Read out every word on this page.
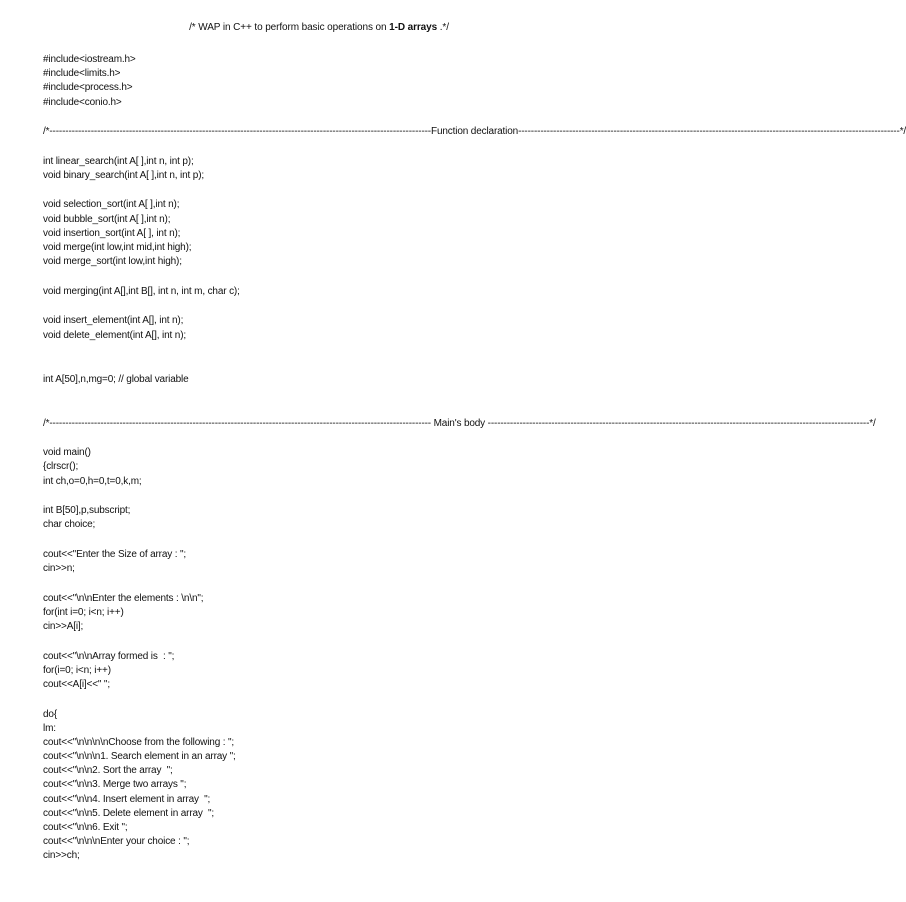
/* WAP in C++ to perform basic operations on 1-D arrays .*/
#include<iostream.h>
#include<limits.h>
#include<process.h>
#include<conio.h>
/* ------------------------------------------------------------------------------------------------------------------------ Function declaration ------------------------------------------------------------------------------------------------------------------------ */
int linear_search(int A[ ],int n, int p);
void binary_search(int A[ ],int n, int p);
void selection_sort(int A[ ],int n);
void bubble_sort(int A[ ],int n);
void insertion_sort(int A[ ], int n);
void merge(int low,int mid,int high);
void merge_sort(int low,int high);
void merging(int A[],int B[], int n, int m, char c);
void insert_element(int A[], int n);
void delete_element(int A[], int n);
int A[50],n,mg=0; // global variable
/* ------------------------------------------------------------------------------------------------------------------------ Main's body ------------------------------------------------------------------------------------------------------------------------ */
void main()
{clrscr();
int ch,o=0,h=0,t=0,k,m;
int B[50],p,subscript;
char choice;
cout<<"Enter the Size of array : ";
cin>>n;
cout<<"\n\nEnter the elements : \n\n";
for(int i=0; i<n; i++)
cin>>A[i];
cout<<"\n\nArray formed is  : ";
for(i=0; i<n; i++)
cout<<A[i]<<" ";
do{
lm:
cout<<"\n\n\n\nChoose from the following : ";
cout<<"\n\n\n1. Search element in an array ";
cout<<"\n\n2. Sort the array  ";
cout<<"\n\n3. Merge two arrays ";
cout<<"\n\n4. Insert element in array  ";
cout<<"\n\n5. Delete element in array  ";
cout<<"\n\n6. Exit ";
cout<<"\n\n\nEnter your choice : ";
cin>>ch;
